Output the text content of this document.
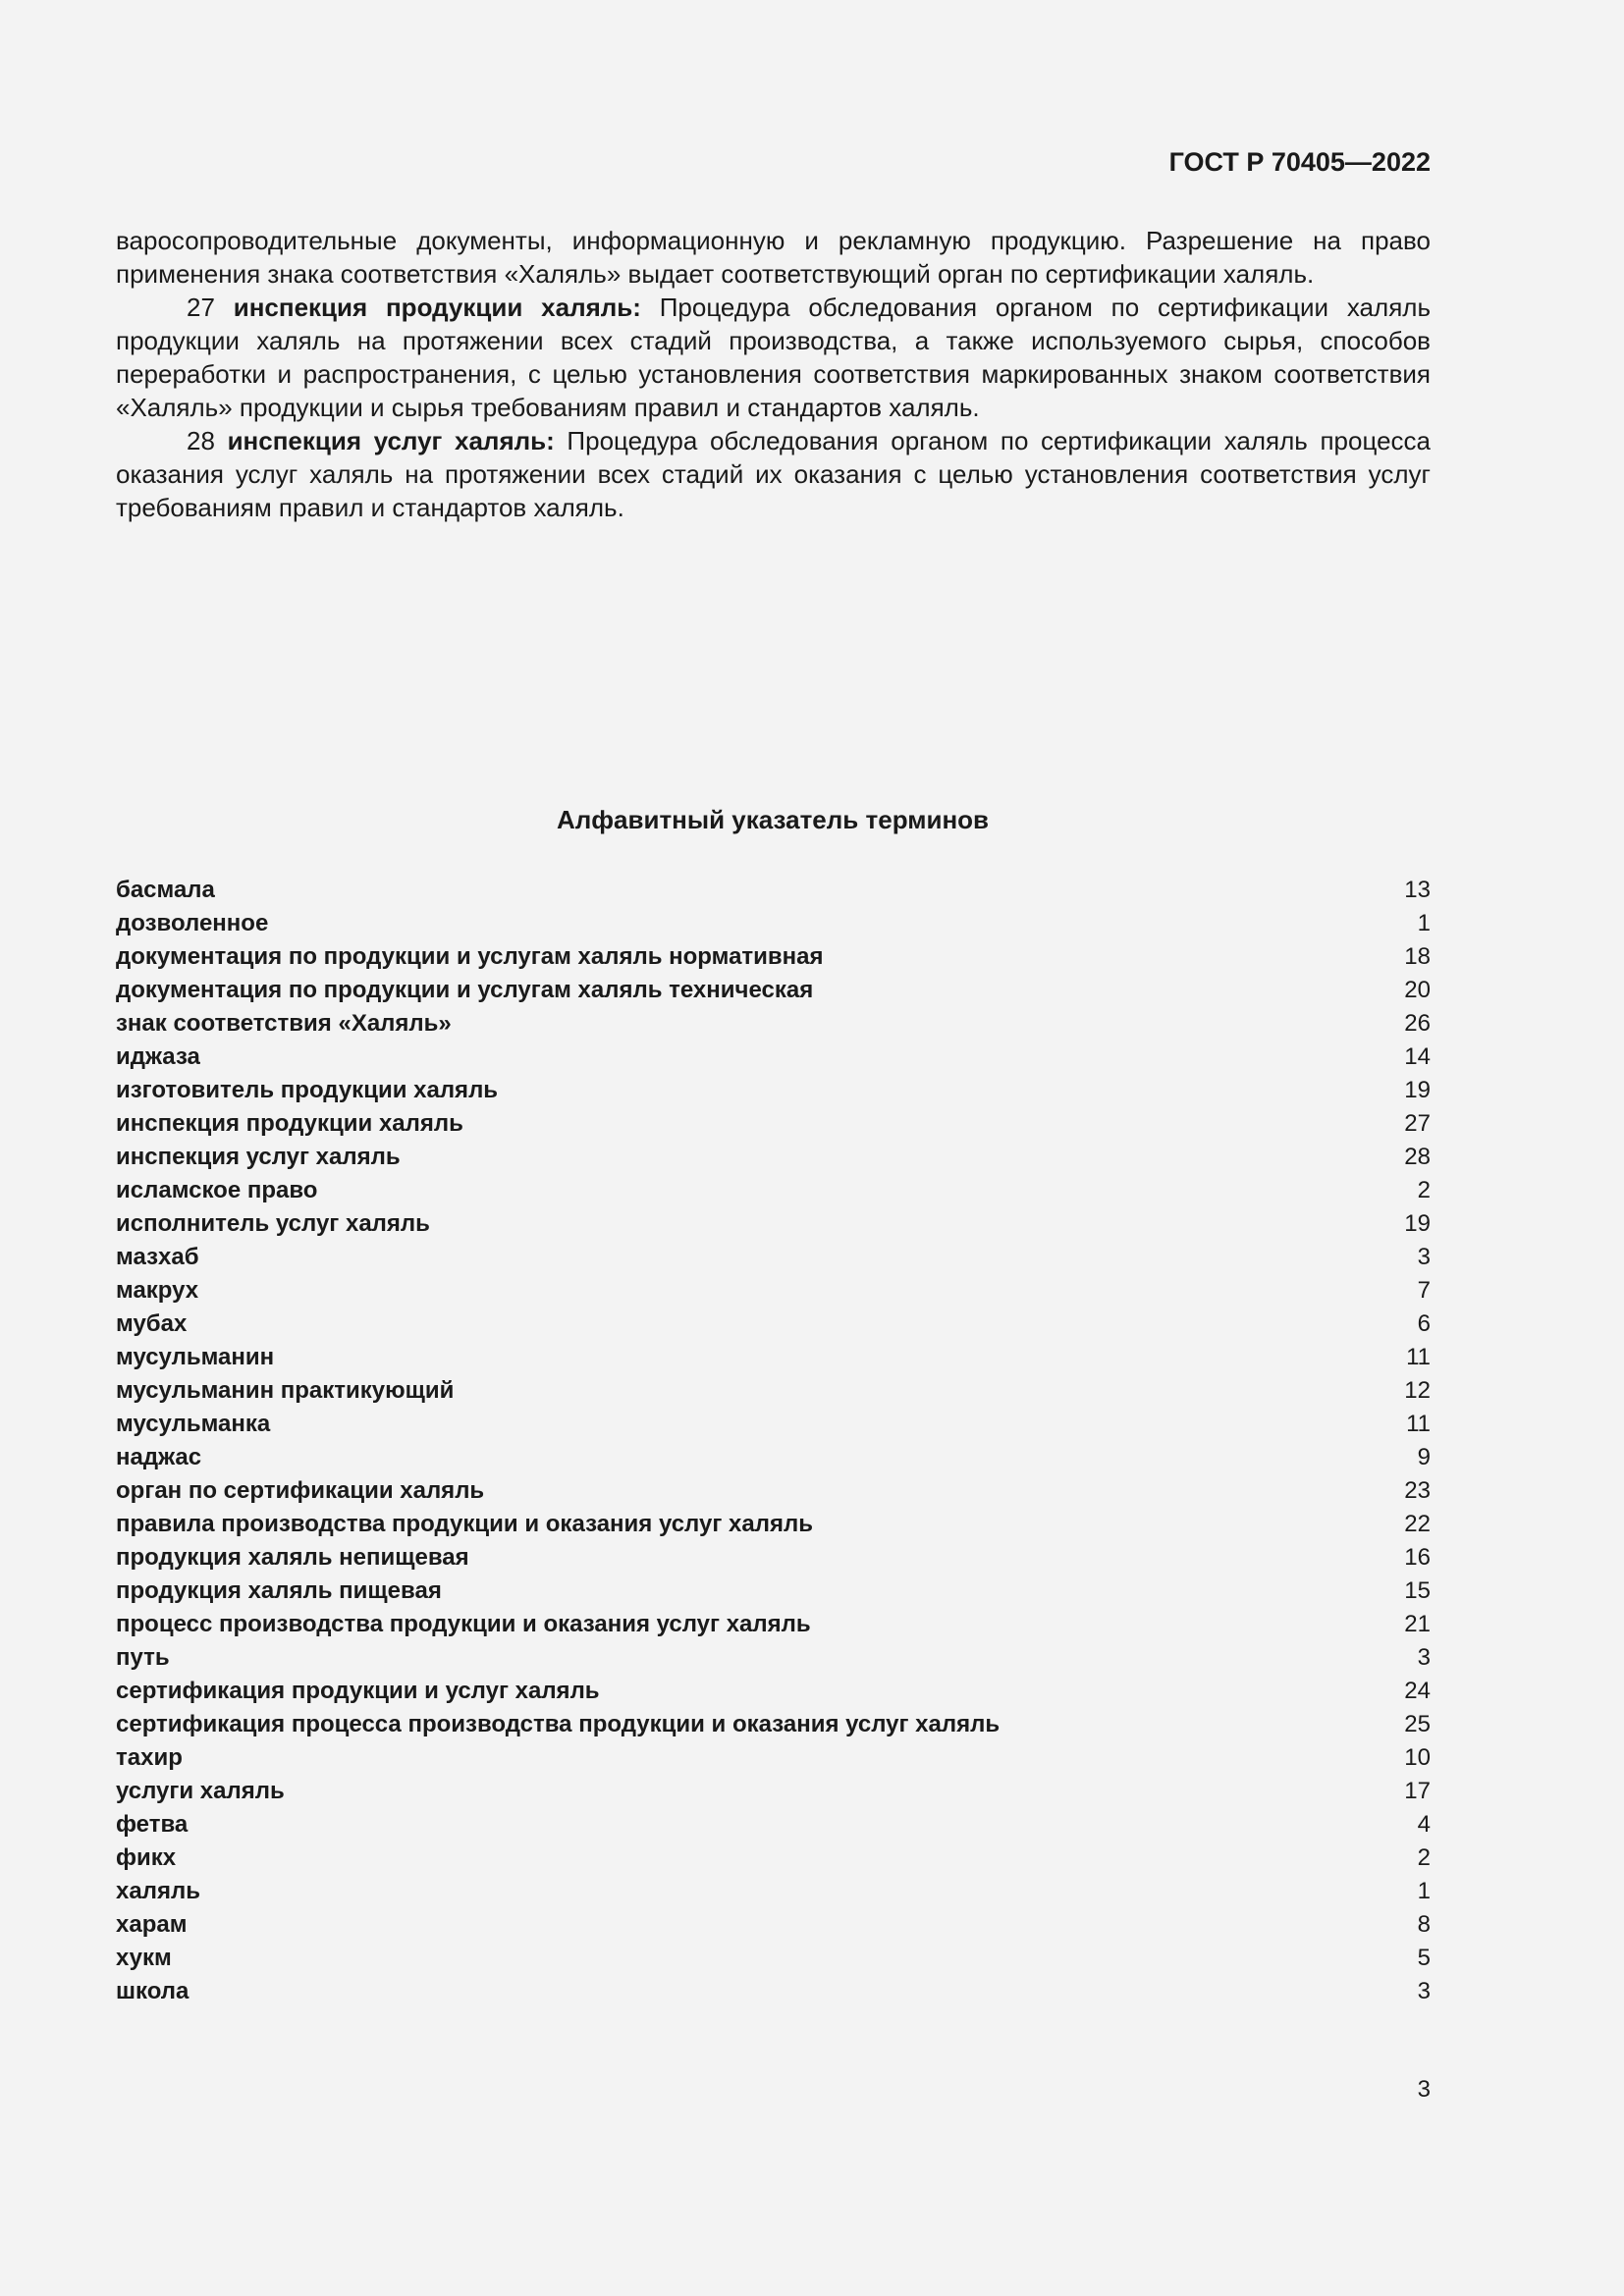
ГОСТ Р 70405—2022

варосопроводительные документы, информационную и рекламную продукцию. Разрешение на право применения знака соответствия «Халяль» выдает соответствующий орган по сертификации халяль.

27 инспекция продукции халяль: Процедура обследования органом по сертификации халяль продукции халяль на протяжении всех стадий производства, а также используемого сырья, способов переработки и распространения, с целью установления соответствия маркированных знаком соответствия «Халяль» продукции и сырья требованиям правил и стандартов халяль.

28 инспекция услуг халяль: Процедура обследования органом по сертификации халяль процесса оказания услуг халяль на протяжении всех стадий их оказания с целью установления соответствия услуг требованиям правил и стандартов халяль.

Алфавитный указатель терминов
басмала	13
дозволенное	1
документация по продукции и услугам халяль нормативная	18
документация по продукции и услугам халяль техническая	20
знак соответствия «Халяль»	26
иджаза	14
изготовитель продукции халяль	19
инспекция продукции халяль	27
инспекция услуг халяль	28
исламское право	2
исполнитель услуг халяль	19
мазхаб	3
макрух	7
мубах	6
мусульманин	11
мусульманин практикующий	12
мусульманка	11
наджас	9
орган по сертификации халяль	23
правила производства продукции и оказания услуг халяль	22
продукция халяль непищевая	16
продукция халяль пищевая	15
процесс производства продукции и оказания услуг халяль	21
путь	3
сертификация продукции и услуг халяль	24
сертификация процесса производства продукции и оказания услуг халяль	25
тахир	10
услуги халяль	17
фетва	4
фикх	2
халяль	1
харам	8
хукм	5
школа	3
3
